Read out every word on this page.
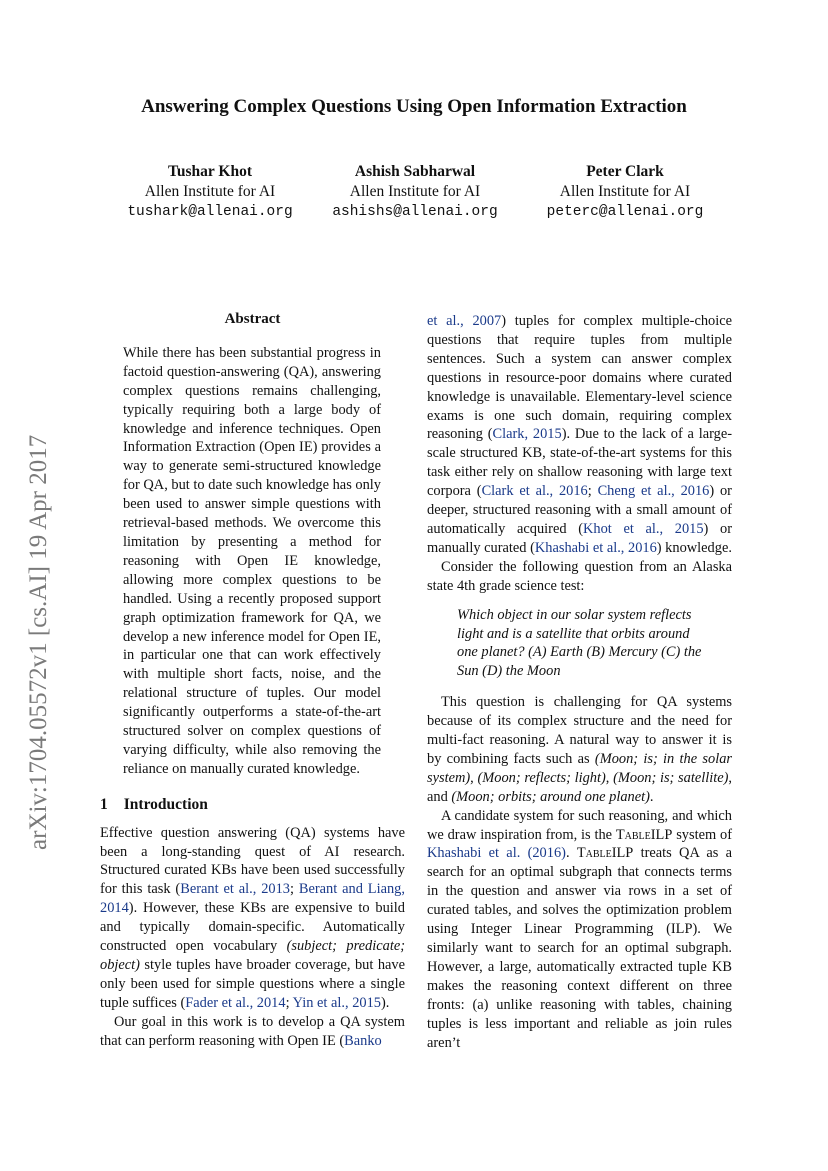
Answering Complex Questions Using Open Information Extraction
Tushar Khot
Allen Institute for AI
tushark@allenai.org
Ashish Sabharwal
Allen Institute for AI
ashishs@allenai.org
Peter Clark
Allen Institute for AI
peterc@allenai.org
arXiv:1704.05572v1 [cs.AI] 19 Apr 2017
Abstract

While there has been substantial progress in factoid question-answering (QA), answering complex questions remains challenging, typically requiring both a large body of knowledge and inference techniques. Open Information Extraction (Open IE) provides a way to generate semi-structured knowledge for QA, but to date such knowledge has only been used to answer simple questions with retrieval-based methods. We overcome this limitation by presenting a method for reasoning with Open IE knowledge, allowing more complex questions to be handled. Using a recently proposed support graph optimization framework for QA, we develop a new inference model for Open IE, in particular one that can work effectively with multiple short facts, noise, and the relational structure of tuples. Our model significantly outperforms a state-of-the-art structured solver on complex questions of varying difficulty, while also removing the reliance on manually curated knowledge.

1 Introduction

Effective question answering (QA) systems have been a long-standing quest of AI research. Structured curated KBs have been used successfully for this task (Berant et al., 2013; Berant and Liang, 2014). However, these KBs are expensive to build and typically domain-specific. Automatically constructed open vocabulary (subject; predicate; object) style tuples have broader coverage, but have only been used for simple questions where a single tuple suffices (Fader et al., 2014; Yin et al., 2015).

Our goal in this work is to develop a QA system that can perform reasoning with Open IE (Banko

et al., 2007) tuples for complex multiple-choice questions that require tuples from multiple sentences. Such a system can answer complex questions in resource-poor domains where curated knowledge is unavailable. Elementary-level science exams is one such domain, requiring complex reasoning (Clark, 2015). Due to the lack of a large-scale structured KB, state-of-the-art systems for this task either rely on shallow reasoning with large text corpora (Clark et al., 2016; Cheng et al., 2016) or deeper, structured reasoning with a small amount of automatically acquired (Khot et al., 2015) or manually curated (Khashabi et al., 2016) knowledge.

Consider the following question from an Alaska state 4th grade science test:

Which object in our solar system reflects light and is a satellite that orbits around one planet? (A) Earth (B) Mercury (C) the Sun (D) the Moon

This question is challenging for QA systems because of its complex structure and the need for multi-fact reasoning. A natural way to answer it is by combining facts such as (Moon; is; in the solar system), (Moon; reflects; light), (Moon; is; satellite), and (Moon; orbits; around one planet).

A candidate system for such reasoning, and which we draw inspiration from, is the TableILP system of Khashabi et al. (2016). TableILP treats QA as a search for an optimal subgraph that connects terms in the question and answer via rows in a set of curated tables, and solves the optimization problem using Integer Linear Programming (ILP). We similarly want to search for an optimal subgraph. However, a large, automatically extracted tuple KB makes the reasoning context different on three fronts: (a) unlike reasoning with tables, chaining tuples is less important and reliable as join rules aren’t
